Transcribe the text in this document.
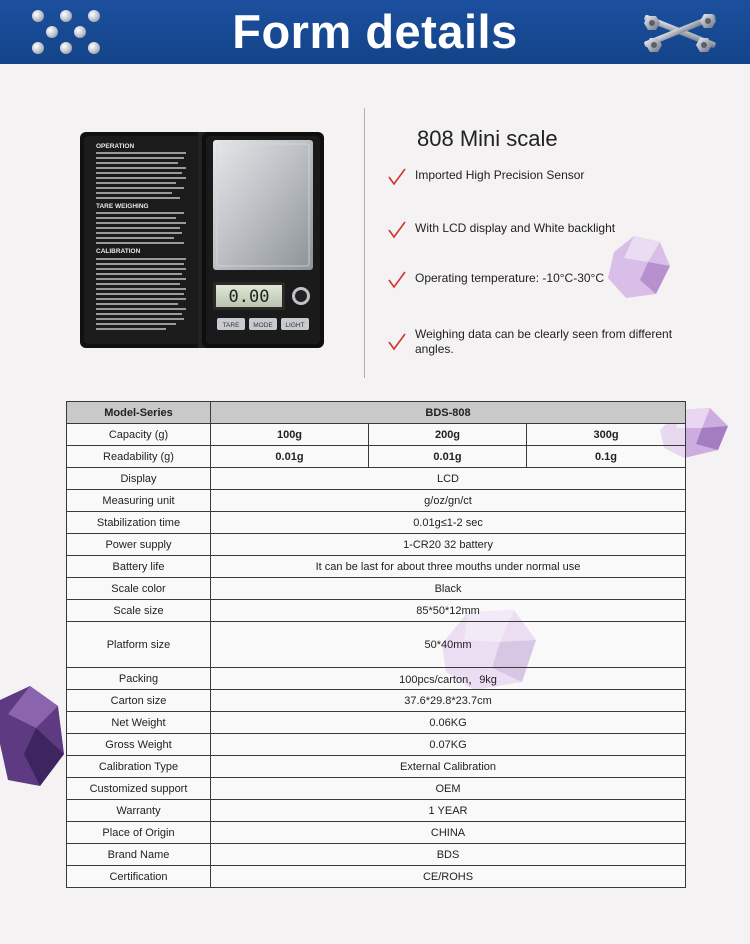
Form details
OPERATION
TARE WEIGHING
CALIBRATION
0.00
TARE MODE LIGHT
808 Mini scale
Imported High Precision Sensor
With LCD display and White backlight
Operating temperature: -10°C-30°C
Weighing data can be clearly seen from different angles.
Model-Series	BDS-808		
Capacity (g)	100g	200g	300g
Readability (g)	0.01g	0.01g	0.1g
Display	LCD		
Measuring unit	g/oz/gn/ct		
Stabilization time	0.01g≤1-2 sec		
Power supply	1-CR20 32 battery		
Battery life	It can be last for about three mouths under normal use		
Scale color	Black		
Scale size	85*50*12mm		
Platform size	50*40mm		
Packing	100pcs/carton，9kg		
Carton size	37.6*29.8*23.7cm		
Net Weight	0.06KG		
Gross Weight	0.07KG		
Calibration Type	External Calibration		
Customized support	OEM		
Warranty	1 YEAR		
Place of Origin	CHINA		
Brand Name	BDS		
Certification	CE/ROHS		
